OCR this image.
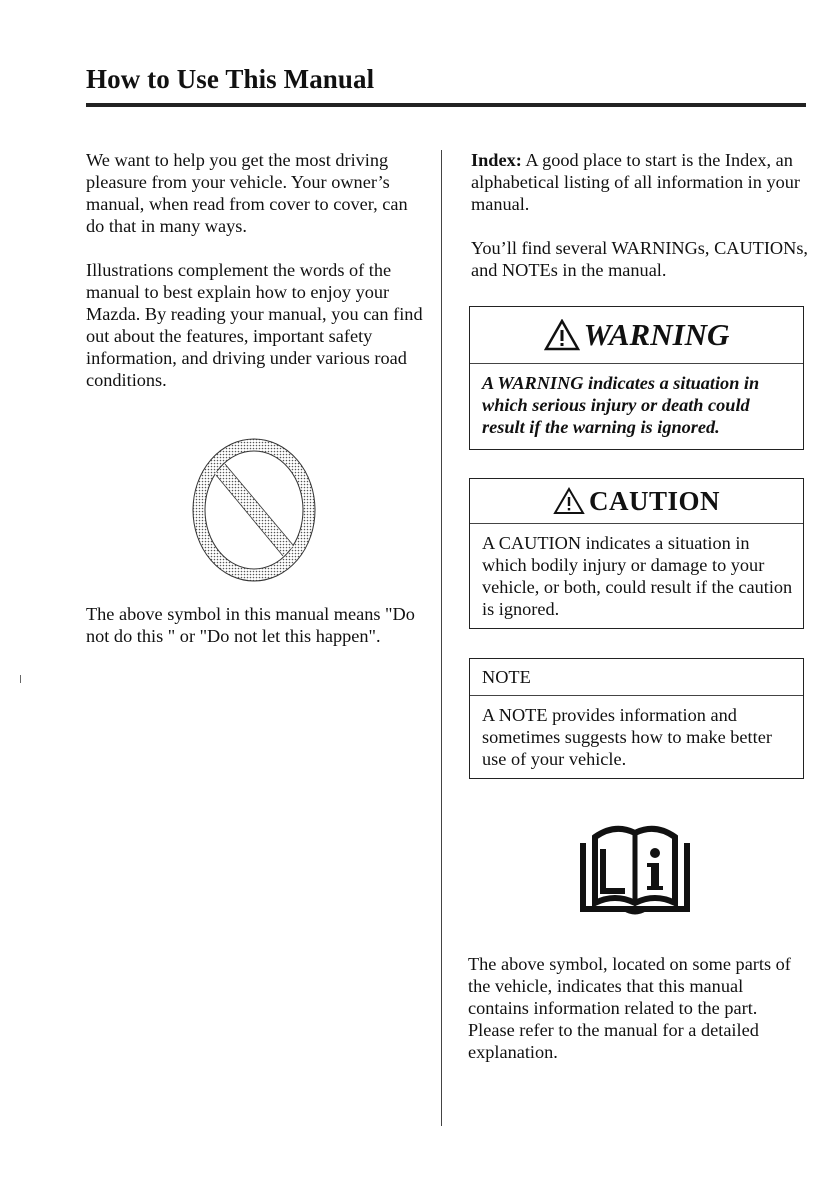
How to Use This Manual
We want to help you get the most driving pleasure from your vehicle. Your owner’s manual, when read from cover to cover, can do that in many ways.
Illustrations complement the words of the manual to best explain how to enjoy your Mazda. By reading your manual, you can find out about the features, important safety information, and driving under various road conditions.
The above symbol in this manual means "Do not do this " or "Do not let this happen".
Index: A good place to start is the Index, an alphabetical listing of all information in your manual.
You’ll find several WARNINGs, CAUTIONs, and NOTEs in the manual.
WARNING
A WARNING indicates a situation in which serious injury or death could result if the warning is ignored.
CAUTION
A CAUTION indicates a situation in which bodily injury or damage to your vehicle, or both, could result if the caution is ignored.
NOTE
A NOTE provides information and sometimes suggests how to make better use of your vehicle.
The above symbol, located on some parts of the vehicle, indicates that this manual contains information related to the part. Please refer to the manual for a detailed explanation.
